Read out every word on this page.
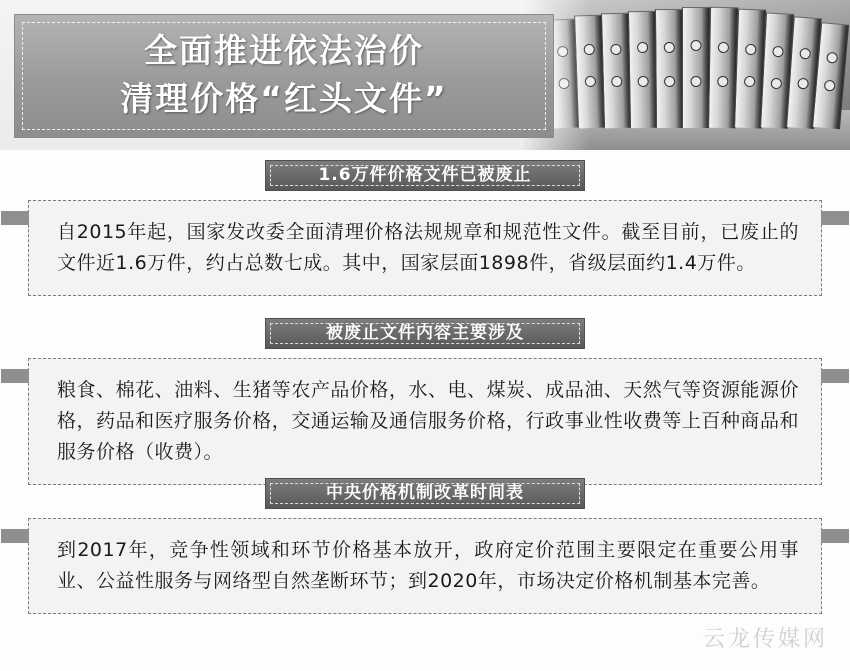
全面推进依法治价
清理价格“红头文件”
1.6万件价格文件已被废止

自2015年起，国家发改委全面清理价格法规规章和规范性文件。截至目前，已废止的文件近1.6万件，约占总数七成。其中，国家层面1898件，省级层面约1.4万件。

被废止文件内容主要涉及

粮食、棉花、油料、生猪等农产品价格，水、电、煤炭、成品油、天然气等资源能源价格，药品和医疗服务价格，交通运输及通信服务价格，行政事业性收费等上百种商品和服务价格（收费）。

中央价格机制改革时间表

到2017年，竞争性领域和环节价格基本放开，政府定价范围主要限定在重要公用事业、公益性服务与网络型自然垄断环节；到2020年，市场决定价格机制基本完善。

云龙传媒网
